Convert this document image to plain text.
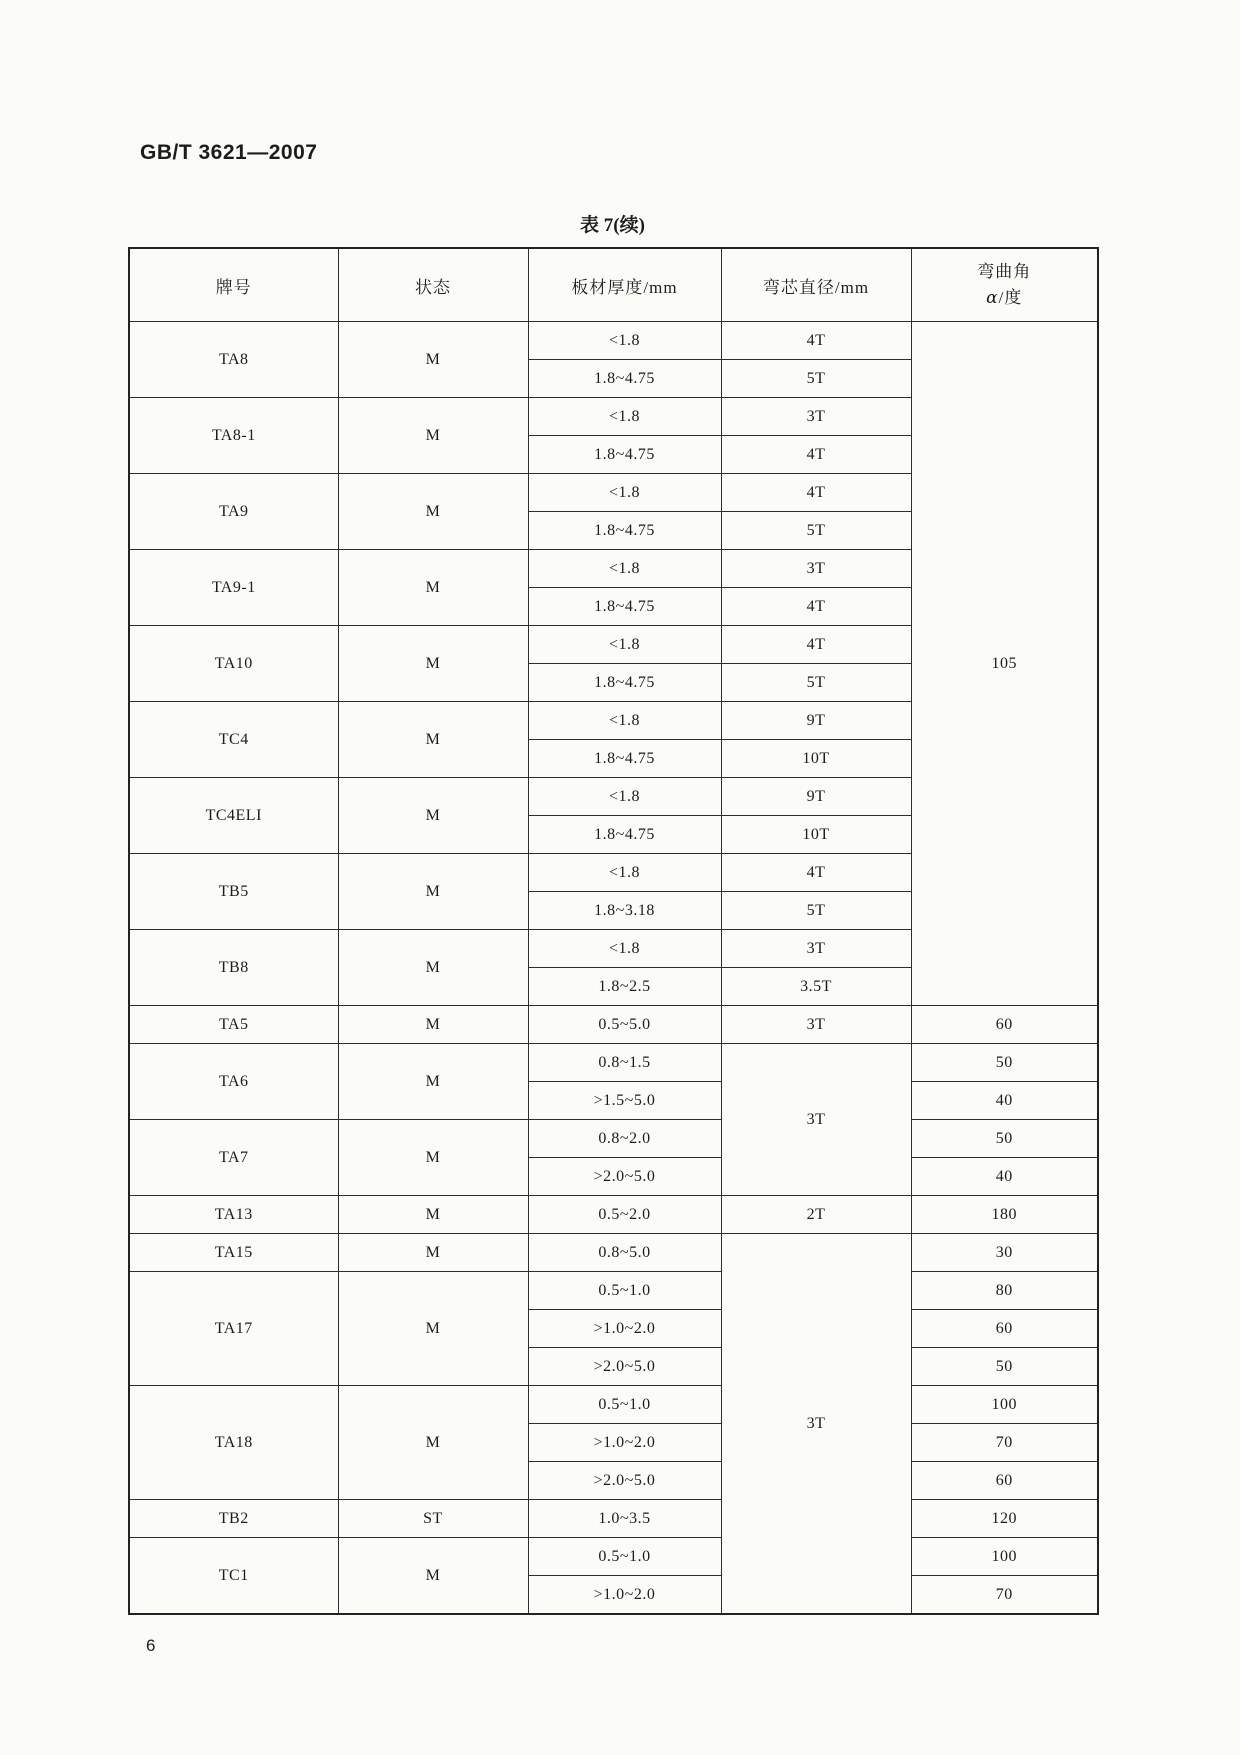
GB/T 3621—2007
表 7(续)
牌号	状态	板材厚度/mm	弯芯直径/mm	弯曲角
α/度

TA8	M	<1.8	4T	105
		1.8~4.75	5T	
TA8-1	M	<1.8	3T	
		1.8~4.75	4T	
TA9	M	<1.8	4T	
		1.8~4.75	5T	
TA9-1	M	<1.8	3T	
		1.8~4.75	4T	
TA10	M	<1.8	4T	
		1.8~4.75	5T	
TC4	M	<1.8	9T	
		1.8~4.75	10T	
TC4ELI	M	<1.8	9T	
		1.8~4.75	10T	
TB5	M	<1.8	4T	
		1.8~3.18	5T	
TB8	M	<1.8	3T	
		1.8~2.5	3.5T	
TA5	M	0.5~5.0	3T	60
TA6	M	0.8~1.5	3T	50
		>1.5~5.0		40
TA7	M	0.8~2.0		50
		>2.0~5.0		40
TA13	M	0.5~2.0	2T	180
TA15	M	0.8~5.0	3T	30
TA17	M	0.5~1.0		80
		>1.0~2.0		60
		>2.0~5.0		50
TA18	M	0.5~1.0		100
		>1.0~2.0		70
		>2.0~5.0		60
TB2	ST	1.0~3.5		120
TC1	M	0.5~1.0		100
		>1.0~2.0		70
6
